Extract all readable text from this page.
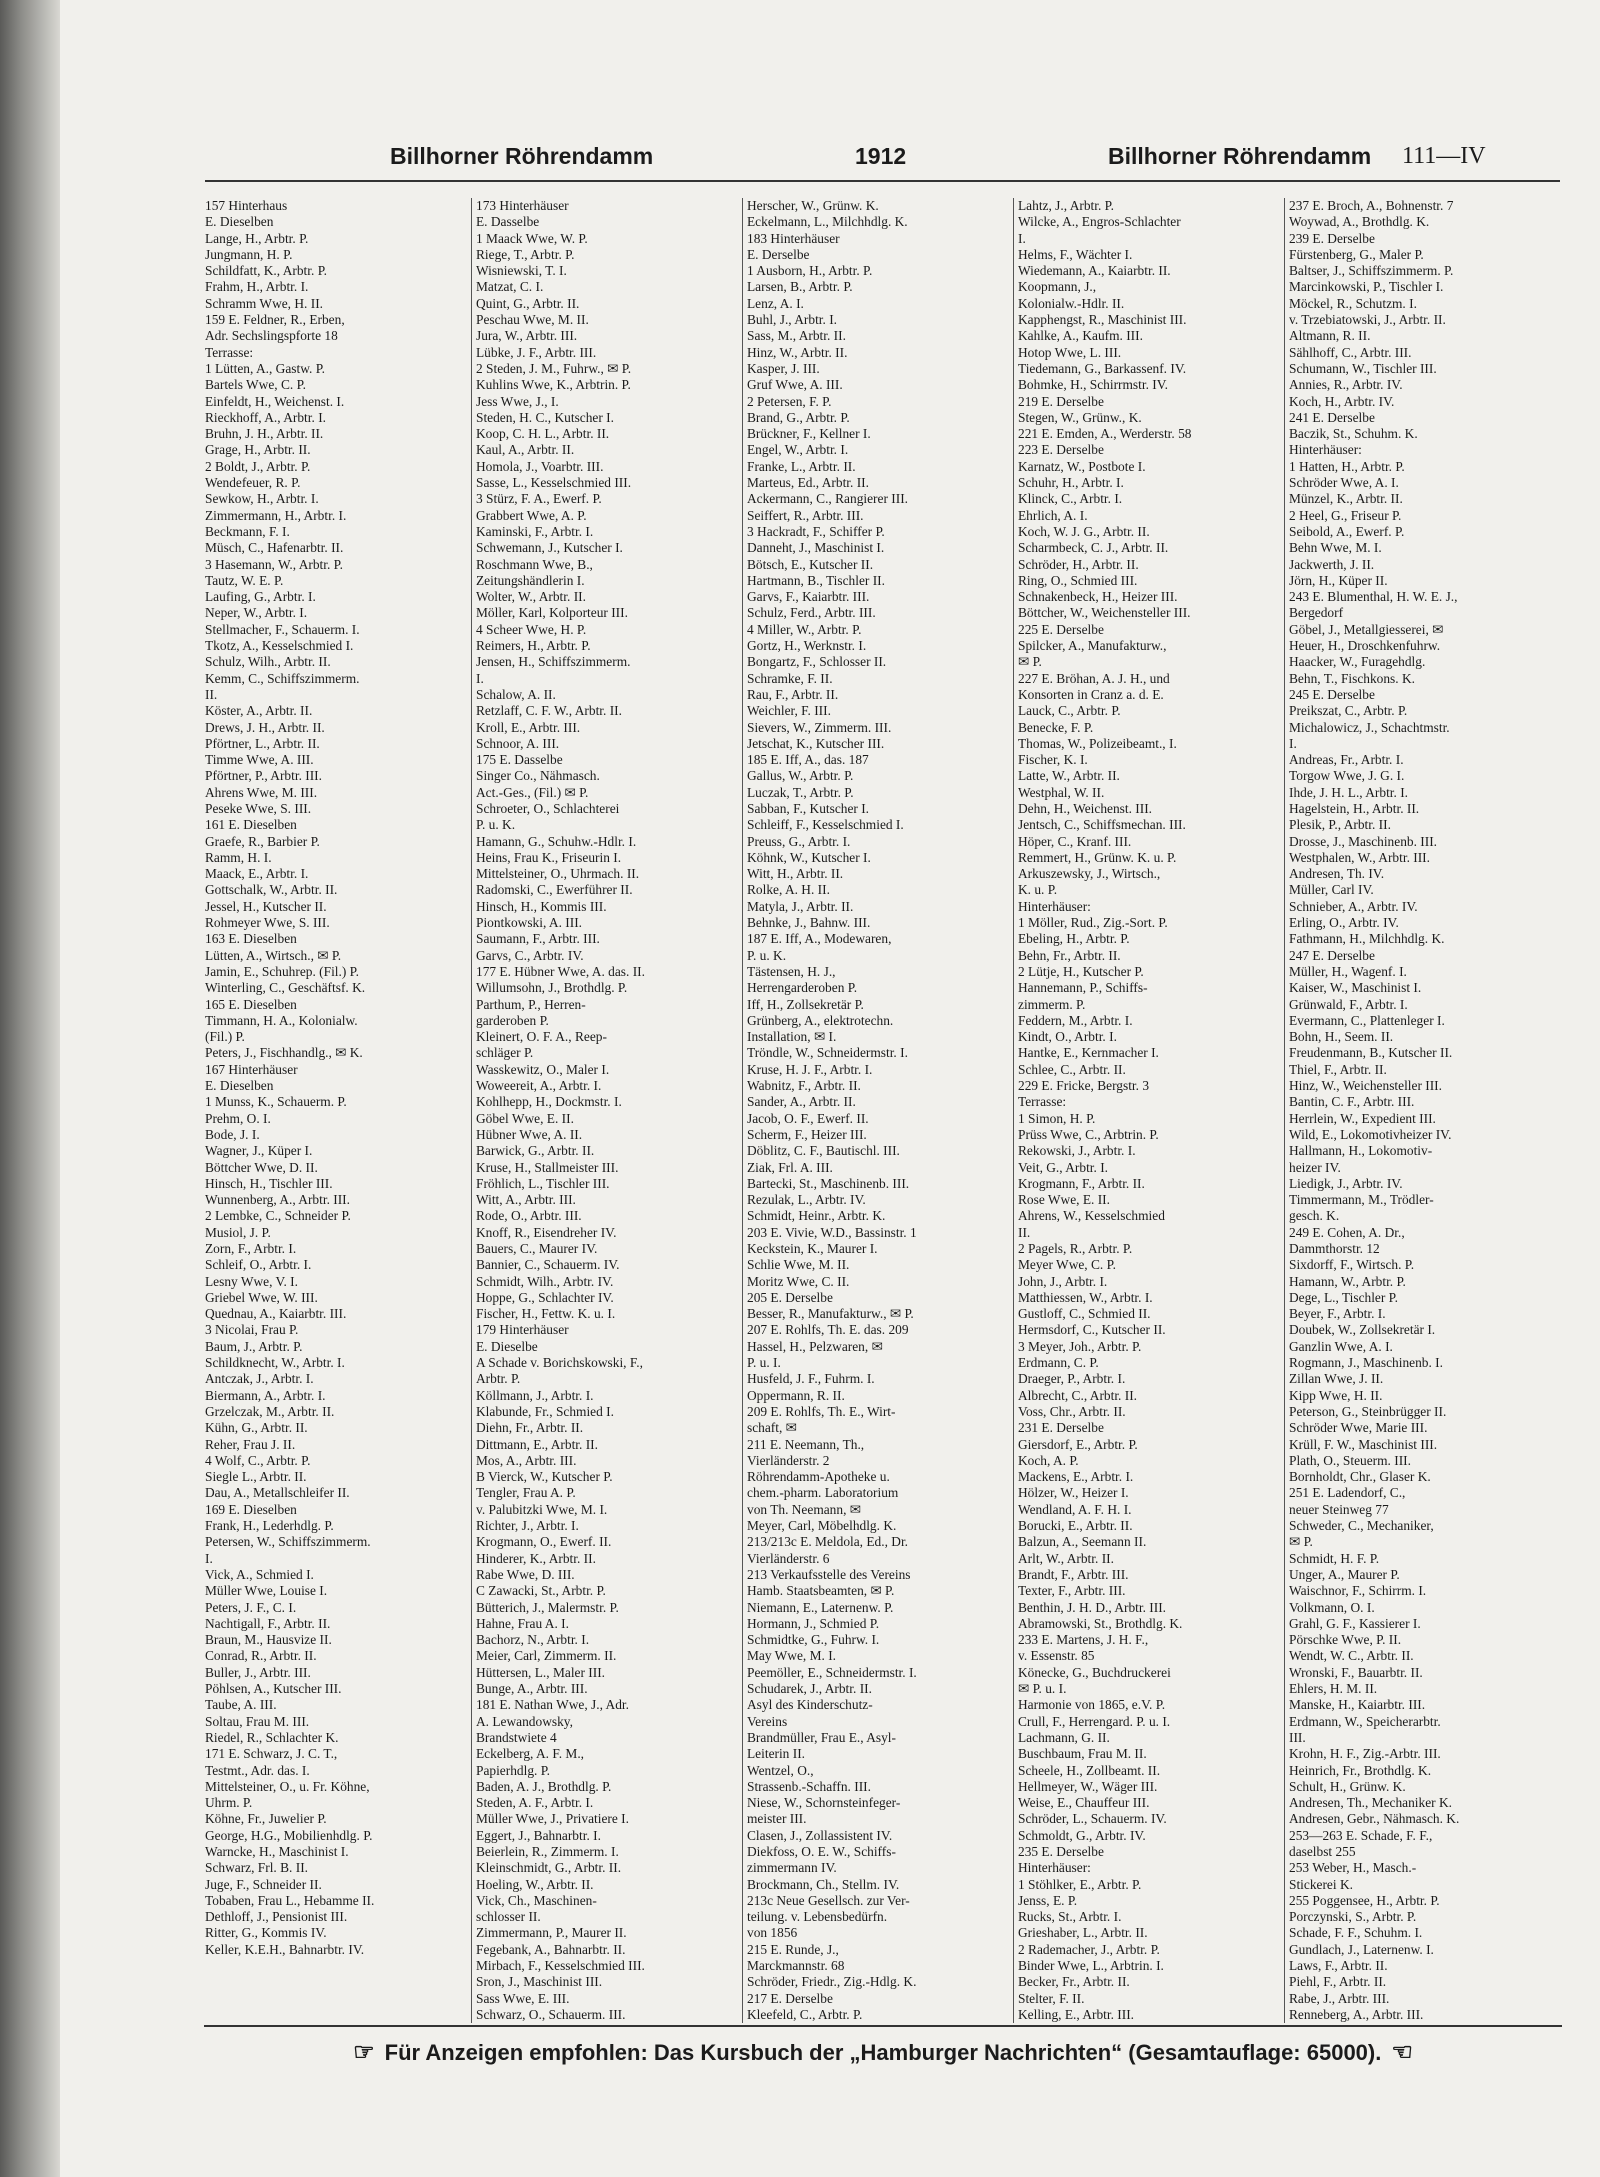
Billhorner Röhrendamm	1912	Billhorner Röhrendamm 111—IV
157 Hinterhaus
E. Dieselben
Lange, H., Arbtr. P.
Jungmann, H. P.
Schildfatt, K., Arbtr. P.
Frahm, H., Arbtr. I.
Schramm Wwe, H. II.
159 E. Feldner, R., Erben,
Adr. Sechslingspforte 18
Terrasse:
1 Lütten, A., Gastw. P.
Bartels Wwe, C. P.
Einfeldt, H., Weichenst. I.
Rieckhoff, A., Arbtr. I.
Bruhn, J. H., Arbtr. II.
Grage, H., Arbtr. II.
2 Boldt, J., Arbtr. P.
Wendefeuer, R. P.
Sewkow, H., Arbtr. I.
Zimmermann, H., Arbtr. I.
Beckmann, F. I.
Müsch, C., Hafenarbtr. II.
3 Hasemann, W., Arbtr. P.
Tautz, W. E. P.
Laufing, G., Arbtr. I.
Neper, W., Arbtr. I.
Stellmacher, F., Schauerm. I.
Tkotz, A., Kesselschmied I.
Schulz, Wilh., Arbtr. II.
Kemm, C., Schiffszimmerm.
II.
Köster, A., Arbtr. II.
Drews, J. H., Arbtr. II.
Pförtner, L., Arbtr. II.
Timme Wwe, A. III.
Pförtner, P., Arbtr. III.
Ahrens Wwe, M. III.
Peseke Wwe, S. III.
161 E. Dieselben
Graefe, R., Barbier P.
Ramm, H. I.
Maack, E., Arbtr. I.
Gottschalk, W., Arbtr. II.
Jessel, H., Kutscher II.
Rohmeyer Wwe, S. III.
163 E. Dieselben
Lütten, A., Wirtsch., ✉ P.
Jamin, E., Schuhrep. (Fil.) P.
Winterling, C., Geschäftsf. K.
165 E. Dieselben
Timmann, H. A., Kolonialw.
(Fil.) P.
Peters, J., Fischhandlg., ✉ K.
167 Hinterhäuser
E. Dieselben
1 Munss, K., Schauerm. P.
Prehm, O. I.
Bode, J. I.
Wagner, J., Küper I.
Böttcher Wwe, D. II.
Hinsch, H., Tischler III.
Wunnenberg, A., Arbtr. III.
2 Lembke, C., Schneider P.
Musiol, J. P.
Zorn, F., Arbtr. I.
Schleif, O., Arbtr. I.
Lesny Wwe, V. I.
Griebel Wwe, W. III.
Quednau, A., Kaiarbtr. III.
3 Nicolai, Frau P.
Baum, J., Arbtr. P.
Schildknecht, W., Arbtr. I.
Antczak, J., Arbtr. I.
Biermann, A., Arbtr. I.
Grzelczak, M., Arbtr. II.
Kühn, G., Arbtr. II.
Reher, Frau J. II.
4 Wolf, C., Arbtr. P.
Siegle L., Arbtr. II.
Dau, A., Metallschleifer II.
169 E. Dieselben
Frank, H., Lederhdlg. P.
Petersen, W., Schiffszimmerm.
I.
Vick, A., Schmied I.
Müller Wwe, Louise I.
Peters, J. F., C. I.
Nachtigall, F., Arbtr. II.
Braun, M., Hausvize II.
Conrad, R., Arbtr. II.
Buller, J., Arbtr. III.
Pöhlsen, A., Kutscher III.
Taube, A. III.
Soltau, Frau M. III.
Riedel, R., Schlachter K.
171 E. Schwarz, J. C. T.,
Testmt., Adr. das. I.
Mittelsteiner, O., u. Fr. Köhne,
Uhrm. P.
Köhne, Fr., Juwelier P.
George, H.G., Mobilienhdlg. P.
Warncke, H., Maschinist I.
Schwarz, Frl. B. II.
Juge, F., Schneider II.
Tobaben, Frau L., Hebamme II.
Dethloff, J., Pensionist III.
Ritter, G., Kommis IV.
Keller, K.E.H., Bahnarbtr. IV.
173 Hinterhäuser
E. Dasselbe
1 Maack Wwe, W. P.
Riege, T., Arbtr. P.
Wisniewski, T. I.
Matzat, C. I.
Quint, G., Arbtr. II.
Peschau Wwe, M. II.
Jura, W., Arbtr. III.
Lübke, J. F., Arbtr. III.
2 Steden, J. M., Fuhrw., ✉ P.
Kuhlins Wwe, K., Arbtrin. P.
Jess Wwe, J., I.
Steden, H. C., Kutscher I.
Koop, C. H. L., Arbtr. II.
Kaul, A., Arbtr. II.
Homola, J., Voarbtr. III.
Sasse, L., Kesselschmied III.
3 Stürz, F. A., Ewerf. P.
Grabbert Wwe, A. P.
Kaminski, F., Arbtr. I.
Schwemann, J., Kutscher I.
Roschmann Wwe, B.,
Zeitungshändlerin I.
Wolter, W., Arbtr. II.
Möller, Karl, Kolporteur III.
4 Scheer Wwe, H. P.
Reimers, H., Arbtr. P.
Jensen, H., Schiffszimmerm.
I.
Schalow, A. II.
Retzlaff, C. F. W., Arbtr. II.
Kroll, E., Arbtr. III.
Schnoor, A. III.
175 E. Dasselbe
Singer Co., Nähmasch.
Act.-Ges., (Fil.) ✉ P.
Schroeter, O., Schlachterei
P. u. K.
Hamann, G., Schuhw.-Hdlr. I.
Heins, Frau K., Friseurin I.
Mittelsteiner, O., Uhrmach. II.
Radomski, C., Ewerführer II.
Hinsch, H., Kommis III.
Piontkowski, A. III.
Saumann, F., Arbtr. III.
Garvs, C., Arbtr. IV.
177 E. Hübner Wwe, A. das. II.
Willumsohn, J., Brothdlg. P.
Parthum, P., Herren-
garderoben P.
Kleinert, O. F. A., Reep-
schläger P.
Wasskewitz, O., Maler I.
Woweereit, A., Arbtr. I.
Kohlhepp, H., Dockmstr. I.
Göbel Wwe, E. II.
Hübner Wwe, A. II.
Barwick, G., Arbtr. II.
Kruse, H., Stallmeister III.
Fröhlich, L., Tischler III.
Witt, A., Arbtr. III.
Rode, O., Arbtr. III.
Knoff, R., Eisendreher IV.
Bauers, C., Maurer IV.
Bannier, C., Schauerm. IV.
Schmidt, Wilh., Arbtr. IV.
Hoppe, G., Schlachter IV.
Fischer, H., Fettw. K. u. I.
179 Hinterhäuser
E. Dieselbe
A Schade v. Borichskowski, F.,
Arbtr. P.
Köllmann, J., Arbtr. I.
Klabunde, Fr., Schmied I.
Diehn, Fr., Arbtr. II.
Dittmann, E., Arbtr. II.
Mos, A., Arbtr. III.
B Vierck, W., Kutscher P.
Tengler, Frau A. P.
v. Palubitzki Wwe, M. I.
Richter, J., Arbtr. I.
Krogmann, O., Ewerf. II.
Hinderer, K., Arbtr. II.
Rabe Wwe, D. III.
C Zawacki, St., Arbtr. P.
Bütterich, J., Malermstr. P.
Hahne, Frau A. I.
Bachorz, N., Arbtr. I.
Meier, Carl, Zimmerm. II.
Hüttersen, L., Maler III.
Bunge, A., Arbtr. III.
181 E. Nathan Wwe, J., Adr.
A. Lewandowsky,
Brandstwiete 4
Eckelberg, A. F. M.,
Papierhdlg. P.
Baden, A. J., Brothdlg. P.
Steden, A. F., Arbtr. I.
Müller Wwe, J., Privatiere I.
Eggert, J., Bahnarbtr. I.
Beierlein, R., Zimmerm. I.
Kleinschmidt, G., Arbtr. II.
Hoeling, W., Arbtr. II.
Vick, Ch., Maschinen-
schlosser II.
Zimmermann, P., Maurer II.
Fegebank, A., Bahnarbtr. II.
Mirbach, F., Kesselschmied III.
Sron, J., Maschinist III.
Sass Wwe, E. III.
Schwarz, O., Schauerm. III.
Herscher, W., Grünw. K.
Eckelmann, L., Milchhdlg. K.
183 Hinterhäuser
E. Derselbe
1 Ausborn, H., Arbtr. P.
Larsen, B., Arbtr. P.
Lenz, A. I.
Buhl, J., Arbtr. I.
Sass, M., Arbtr. II.
Hinz, W., Arbtr. II.
Kasper, J. III.
Gruf Wwe, A. III.
2 Petersen, F. P.
Brand, G., Arbtr. P.
Brückner, F., Kellner I.
Engel, W., Arbtr. I.
Franke, L., Arbtr. II.
Marteus, Ed., Arbtr. II.
Ackermann, C., Rangierer III.
Seiffert, R., Arbtr. III.
3 Hackradt, F., Schiffer P.
Danneht, J., Maschinist I.
Bötsch, E., Kutscher II.
Hartmann, B., Tischler II.
Garvs, F., Kaiarbtr. III.
Schulz, Ferd., Arbtr. III.
4 Miller, W., Arbtr. P.
Gortz, H., Werknstr. I.
Bongartz, F., Schlosser II.
Schramke, F. II.
Rau, F., Arbtr. II.
Weichler, F. III.
Sievers, W., Zimmerm. III.
Jetschat, K., Kutscher III.
185 E. Iff, A., das. 187
Gallus, W., Arbtr. P.
Luczak, T., Arbtr. P.
Sabban, F., Kutscher I.
Schleiff, F., Kesselschmied I.
Preuss, G., Arbtr. I.
Köhnk, W., Kutscher I.
Witt, H., Arbtr. II.
Rolke, A. H. II.
Matyla, J., Arbtr. II.
Behnke, J., Bahnw. III.
187 E. Iff, A., Modewaren,
P. u. K.
Tästensen, H. J.,
Herrengarderoben P.
Iff, H., Zollsekretär P.
Grünberg, A., elektrotechn.
Installation, ✉ I.
Tröndle, W., Schneidermstr. I.
Kruse, H. J. F., Arbtr. I.
Wabnitz, F., Arbtr. II.
Sander, A., Arbtr. II.
Jacob, O. F., Ewerf. II.
Scherm, F., Heizer III.
Döblitz, C. F., Bautischl. III.
Ziak, Frl. A. III.
Bartecki, St., Maschinenb. III.
Rezulak, L., Arbtr. IV.
Schmidt, Heinr., Arbtr. K.
203 E. Vivie, W.D., Bassinstr. 1
Keckstein, K., Maurer I.
Schlie Wwe, M. II.
Moritz Wwe, C. II.
205 E. Derselbe
Besser, R., Manufakturw., ✉ P.
207 E. Rohlfs, Th. E. das. 209
Hassel, H., Pelzwaren, ✉
P. u. I.
Husfeld, J. F., Fuhrm. I.
Oppermann, R. II.
209 E. Rohlfs, Th. E., Wirt-
schaft, ✉
211 E. Neemann, Th.,
Vierländerstr. 2
Röhrendamm-Apotheke u.
chem.-pharm. Laboratorium
von Th. Neemann, ✉
Meyer, Carl, Möbelhdlg. K.
213/213c E. Meldola, Ed., Dr.
Vierländerstr. 6
213 Verkaufsstelle des Vereins
Hamb. Staatsbeamten, ✉ P.
Niemann, E., Laternenw. P.
Hormann, J., Schmied P.
Schmidtke, G., Fuhrw. I.
May Wwe, M. I.
Peemöller, E., Schneidermstr. I.
Schudarek, J., Arbtr. II.
Asyl des Kinderschutz-
Vereins
Brandmüller, Frau E., Asyl-
Leiterin II.
Wentzel, O.,
Strassenb.-Schaffn. III.
Niese, W., Schornsteinfeger-
meister III.
Clasen, J., Zollassistent IV.
Diekfoss, O. E. W., Schiffs-
zimmermann IV.
Brockmann, Ch., Stellm. IV.
213c Neue Gesellsch. zur Ver-
teilung. v. Lebensbedürfn.
von 1856
215 E. Runde, J.,
Marckmannstr. 68
Schröder, Friedr., Zig.-Hdlg. K.
217 E. Derselbe
Kleefeld, C., Arbtr. P.
Lahtz, J., Arbtr. P.
Wilcke, A., Engros-Schlachter
I.
Helms, F., Wächter I.
Wiedemann, A., Kaiarbtr. II.
Koopmann, J.,
Kolonialw.-Hdlr. II.
Kapphengst, R., Maschinist III.
Kahlke, A., Kaufm. III.
Hotop Wwe, L. III.
Tiedemann, G., Barkassenf. IV.
Bohmke, H., Schirrmstr. IV.
219 E. Derselbe
Stegen, W., Grünw., K.
221 E. Emden, A., Werderstr. 58
223 E. Derselbe
Karnatz, W., Postbote I.
Schuhr, H., Arbtr. I.
Klinck, C., Arbtr. I.
Ehrlich, A. I.
Koch, W. J. G., Arbtr. II.
Scharmbeck, C. J., Arbtr. II.
Schröder, H., Arbtr. II.
Ring, O., Schmied III.
Schnakenbeck, H., Heizer III.
Böttcher, W., Weichensteller III.
225 E. Derselbe
Spilcker, A., Manufakturw.,
✉ P.
227 E. Bröhan, A. J. H., und
Konsorten in Cranz a. d. E.
Lauck, C., Arbtr. P.
Benecke, F. P.
Thomas, W., Polizeibeamt., I.
Fischer, K. I.
Latte, W., Arbtr. II.
Westphal, W. II.
Dehn, H., Weichenst. III.
Jentsch, C., Schiffsmechan. III.
Höper, C., Kranf. III.
Remmert, H., Grünw. K. u. P.
Arkuszewsky, J., Wirtsch.,
K. u. P.
Hinterhäuser:
1 Möller, Rud., Zig.-Sort. P.
Ebeling, H., Arbtr. P.
Behn, Fr., Arbtr. II.
2 Lütje, H., Kutscher P.
Hannemann, P., Schiffs-
zimmerm. P.
Feddern, M., Arbtr. I.
Kindt, O., Arbtr. I.
Hantke, E., Kernmacher I.
Schlee, C., Arbtr. II.
229 E. Fricke, Bergstr. 3
Terrasse:
1 Simon, H. P.
Prüss Wwe, C., Arbtrin. P.
Rekowski, J., Arbtr. I.
Veit, G., Arbtr. I.
Krogmann, F., Arbtr. II.
Rose Wwe, E. II.
Ahrens, W., Kesselschmied
II.
2 Pagels, R., Arbtr. P.
Meyer Wwe, C. P.
John, J., Arbtr. I.
Matthiessen, W., Arbtr. I.
Gustloff, C., Schmied II.
Hermsdorf, C., Kutscher II.
3 Meyer, Joh., Arbtr. P.
Erdmann, C. P.
Draeger, P., Arbtr. I.
Albrecht, C., Arbtr. II.
Voss, Chr., Arbtr. II.
231 E. Derselbe
Giersdorf, E., Arbtr. P.
Koch, A. P.
Mackens, E., Arbtr. I.
Hölzer, W., Heizer I.
Wendland, A. F. H. I.
Borucki, E., Arbtr. II.
Balzun, A., Seemann II.
Arlt, W., Arbtr. II.
Brandt, F., Arbtr. III.
Texter, F., Arbtr. III.
Benthin, J. H. D., Arbtr. III.
Abramowski, St., Brothdlg. K.
233 E. Martens, J. H. F.,
v. Essenstr. 85
Könecke, G., Buchdruckerei
✉ P. u. I.
Harmonie von 1865, e.V. P.
Crull, F., Herrengard. P. u. I.
Lachmann, G. II.
Buschbaum, Frau M. II.
Scheele, H., Zollbeamt. II.
Hellmeyer, W., Wäger III.
Weise, E., Chauffeur III.
Schröder, L., Schauerm. IV.
Schmoldt, G., Arbtr. IV.
235 E. Derselbe
Hinterhäuser:
1 Stöhlker, E., Arbtr. P.
Jenss, E. P.
Rucks, St., Arbtr. I.
Grieshaber, L., Arbtr. II.
2 Rademacher, J., Arbtr. P.
Binder Wwe, L., Arbtrin. I.
Becker, Fr., Arbtr. II.
Stelter, F. II.
Kelling, E., Arbtr. III.
237 E. Broch, A., Bohnenstr. 7
Woywad, A., Brothdlg. K.
239 E. Derselbe
Fürstenberg, G., Maler P.
Baltser, J., Schiffszimmerm. P.
Marcinkowski, P., Tischler I.
Möckel, R., Schutzm. I.
v. Trzebiatowski, J., Arbtr. II.
Altmann, R. II.
Sählhoff, C., Arbtr. III.
Schumann, W., Tischler III.
Annies, R., Arbtr. IV.
Koch, H., Arbtr. IV.
241 E. Derselbe
Baczik, St., Schuhm. K.
Hinterhäuser:
1 Hatten, H., Arbtr. P.
Schröder Wwe, A. I.
Münzel, K., Arbtr. II.
2 Heel, G., Friseur P.
Seibold, A., Ewerf. P.
Behn Wwe, M. I.
Jackwerth, J. II.
Jörn, H., Küper II.
243 E. Blumenthal, H. W. E. J.,
Bergedorf
Göbel, J., Metallgiesserei, ✉
Heuer, H., Droschkenfuhrw.
Haacker, W., Furagehdlg.
Behn, T., Fischkons. K.
245 E. Derselbe
Preikszat, C., Arbtr. P.
Michalowicz, J., Schachtmstr.
I.
Andreas, Fr., Arbtr. I.
Torgow Wwe, J. G. I.
Ihde, J. H. L., Arbtr. I.
Hagelstein, H., Arbtr. II.
Plesik, P., Arbtr. II.
Drosse, J., Maschinenb. III.
Westphalen, W., Arbtr. III.
Andresen, Th. IV.
Müller, Carl IV.
Schnieber, A., Arbtr. IV.
Erling, O., Arbtr. IV.
Fathmann, H., Milchhdlg. K.
247 E. Derselbe
Müller, H., Wagenf. I.
Kaiser, W., Maschinist I.
Grünwald, F., Arbtr. I.
Evermann, C., Plattenleger I.
Bohn, H., Seem. II.
Freudenmann, B., Kutscher II.
Thiel, F., Arbtr. II.
Hinz, W., Weichensteller III.
Bantin, C. F., Arbtr. III.
Herrlein, W., Expedient III.
Wild, E., Lokomotivheizer IV.
Hallmann, H., Lokomotiv-
heizer IV.
Liedigk, J., Arbtr. IV.
Timmermann, M., Trödler-
gesch. K.
249 E. Cohen, A. Dr.,
Dammthorstr. 12
Sixdorff, F., Wirtsch. P.
Hamann, W., Arbtr. P.
Dege, L., Tischler P.
Beyer, F., Arbtr. I.
Doubek, W., Zollsekretär I.
Ganzlin Wwe, A. I.
Rogmann, J., Maschinenb. I.
Zillan Wwe, J. II.
Kipp Wwe, H. II.
Peterson, G., Steinbrügger II.
Schröder Wwe, Marie III.
Krüll, F. W., Maschinist III.
Plath, O., Steuerm. III.
Bornholdt, Chr., Glaser K.
251 E. Ladendorf, C.,
neuer Steinweg 77
Schweder, C., Mechaniker,
✉ P.
Schmidt, H. F. P.
Unger, A., Maurer P.
Waischnor, F., Schirrm. I.
Volkmann, O. I.
Grahl, G. F., Kassierer I.
Pörschke Wwe, P. II.
Wendt, W. C., Arbtr. II.
Wronski, F., Bauarbtr. II.
Ehlers, H. M. II.
Manske, H., Kaiarbtr. III.
Erdmann, W., Speicherarbtr.
III.
Krohn, H. F., Zig.-Arbtr. III.
Heinrich, Fr., Brothdlg. K.
Schult, H., Grünw. K.
Andresen, Th., Mechaniker K.
Andresen, Gebr., Nähmasch. K.
253—263 E. Schade, F. F.,
daselbst 255
253 Weber, H., Masch.-
Stickerei K.
255 Poggensee, H., Arbtr. P.
Porczynski, S., Arbtr. P.
Schade, F. F., Schuhm. I.
Gundlach, J., Laternenw. I.
Laws, F., Arbtr. II.
Piehl, F., Arbtr. II.
Rabe, J., Arbtr. III.
Renneberg, A., Arbtr. III.
☞ Für Anzeigen empfohlen: Das Kursbuch der „Hamburger Nachrichten“ (Gesamtauflage: 65000). ☜
